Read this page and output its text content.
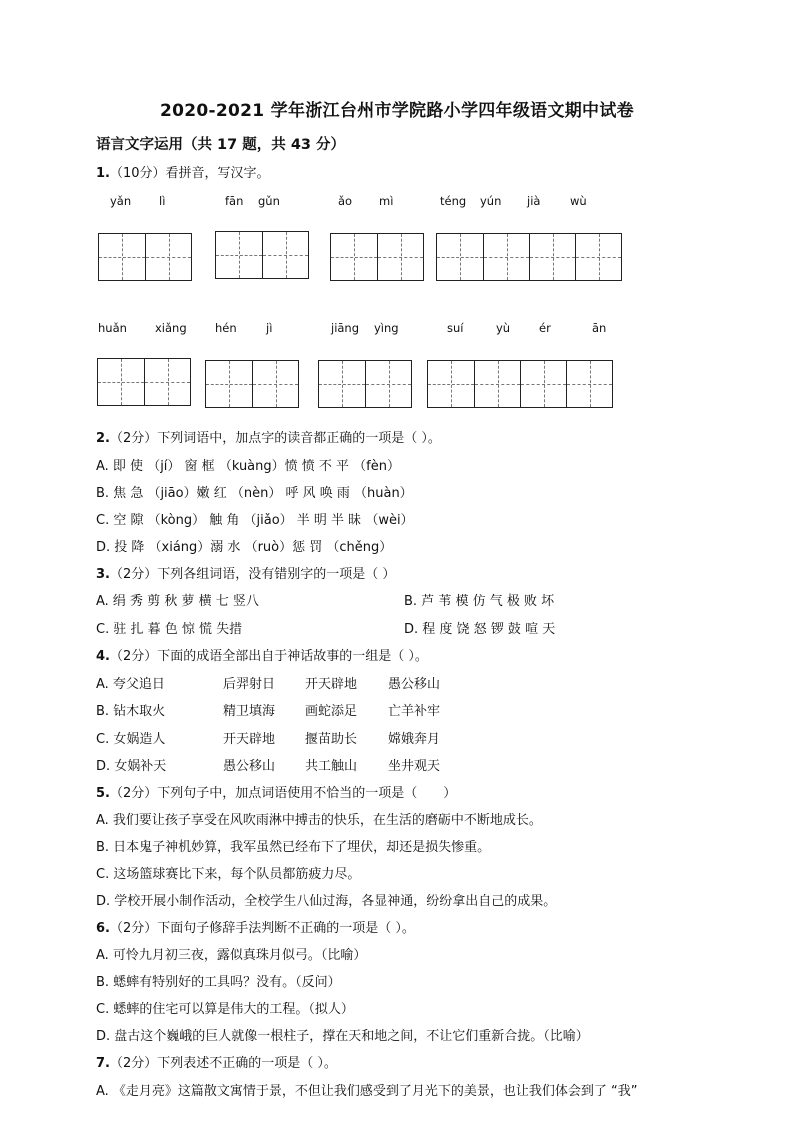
2020-2021 学年浙江台州市学院路小学四年级语文期中试卷
语言文字运用（共 17 题，共 43 分）
1.（10分）看拼音，写汉字。
yǎn lì	fān gǔn	ǎo mì	téng yún jià	wù
huǎn xiǎng hén	jì	jiāng yìng	suí	yù	ér	ān
2.（2分）下列词语中，加点字的读音都正确的一项是（ ）。
A. 即 使 （jí） 窗 框 （kuàng）愤 愤 不 平 （fèn）
B. 焦 急 （jiāo）嫩 红 （nèn） 呼 风 唤 雨 （huàn）
C. 空 隙 （kòng） 触 角 （jiǎo） 半 明 半 昧 （wèi）
D. 投 降 （xiáng）溺 水 （ruò）惩 罚 （chěng）
3.（2分）下列各组词语，没有错别字的一项是（ ）
A. 绢 秀 剪 秋 萝 横 七 竖八	B. 芦 苇 模 仿 气 极 败 坏
C. 驻 扎 暮 色 惊 慌 失措	D. 程 度 饶 怒 锣 鼓 喧 天
4.（2分）下面的成语全部出自于神话故事的一组是（ ）。
A. 夸父追日	后羿射日 开天辟地 愚公移山
B. 钻木取火	精卫填海 画蛇添足 亡羊补牢
C. 女娲造人	开天辟地 揠苗助长 嫦娥奔月
D. 女娲补天	愚公移山 共工触山 坐井观天
5.（2分）下列句子中，加点词语使用不恰当的一项是（　　）
A. 我们要让孩子享受在风吹雨淋中搏击的快乐，在生活的磨砺中不断地成长。
B. 日本鬼子神机妙算，我军虽然已经布下了埋伏，却还是损失惨重。
C. 这场篮球赛比下来，每个队员都筋疲力尽。
D. 学校开展小制作活动，全校学生八仙过海，各显神通，纷纷拿出自己的成果。
6.（2分）下面句子修辞手法判断不正确的一项是（ ）。
A. 可怜九月初三夜，露似真珠月似弓。（比喻）
B. 蟋蟀有特别好的工具吗？没有。（反问）
C. 蟋蟀的住宅可以算是伟大的工程。（拟人）
D. 盘古这个巍峨的巨人就像一根柱子，撑在天和地之间，不让它们重新合拢。（比喻）
7.（2分）下列表述不正确的一项是（ ）。
A. 《走月亮》这篇散文寓情于景，不但让我们感受到了月光下的美景，也让我们体会到了 “我”
